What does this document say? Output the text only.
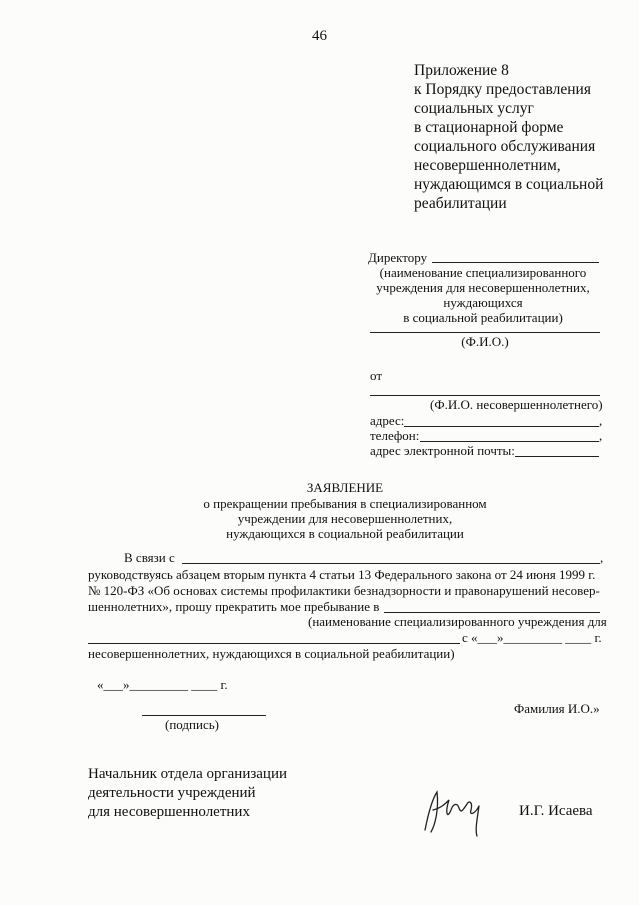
46
Приложение 8
к Порядку предоставления
социальных услуг
в стационарной форме
социального обслуживания
несовершеннолетним,
нуждающимся в социальной
реабилитации
Директору
(наименование специализированного
учреждения для несовершеннолетних,
нуждающихся
в социальной реабилитации)
(Ф.И.О.)
от
(Ф.И.О. несовершеннолетнего)
адрес:	,
телефон:	,
адрес электронной почты:
ЗАЯВЛЕНИЕ
о прекращении пребывания в специализированном
учреждении для несовершеннолетних,
нуждающихся в социальной реабилитации
В связи с	,
руководствуясь абзацем вторым пункта 4 статьи 13 Федерального закона от 24 июня 1999 г.
№ 120-ФЗ «Об основах системы профилактики безнадзорности и правонарушений несовер-
шеннолетних», прошу прекратить мое пребывание в
(наименование специализированного учреждения для
с «___»_________ ____ г.
несовершеннолетних, нуждающихся в социальной реабилитации)
«___»_________ ____ г.
Фамилия И.О.»
(подпись)
Начальник отдела организации
деятельности учреждений
для несовершеннолетних	И.Г. Исаева
